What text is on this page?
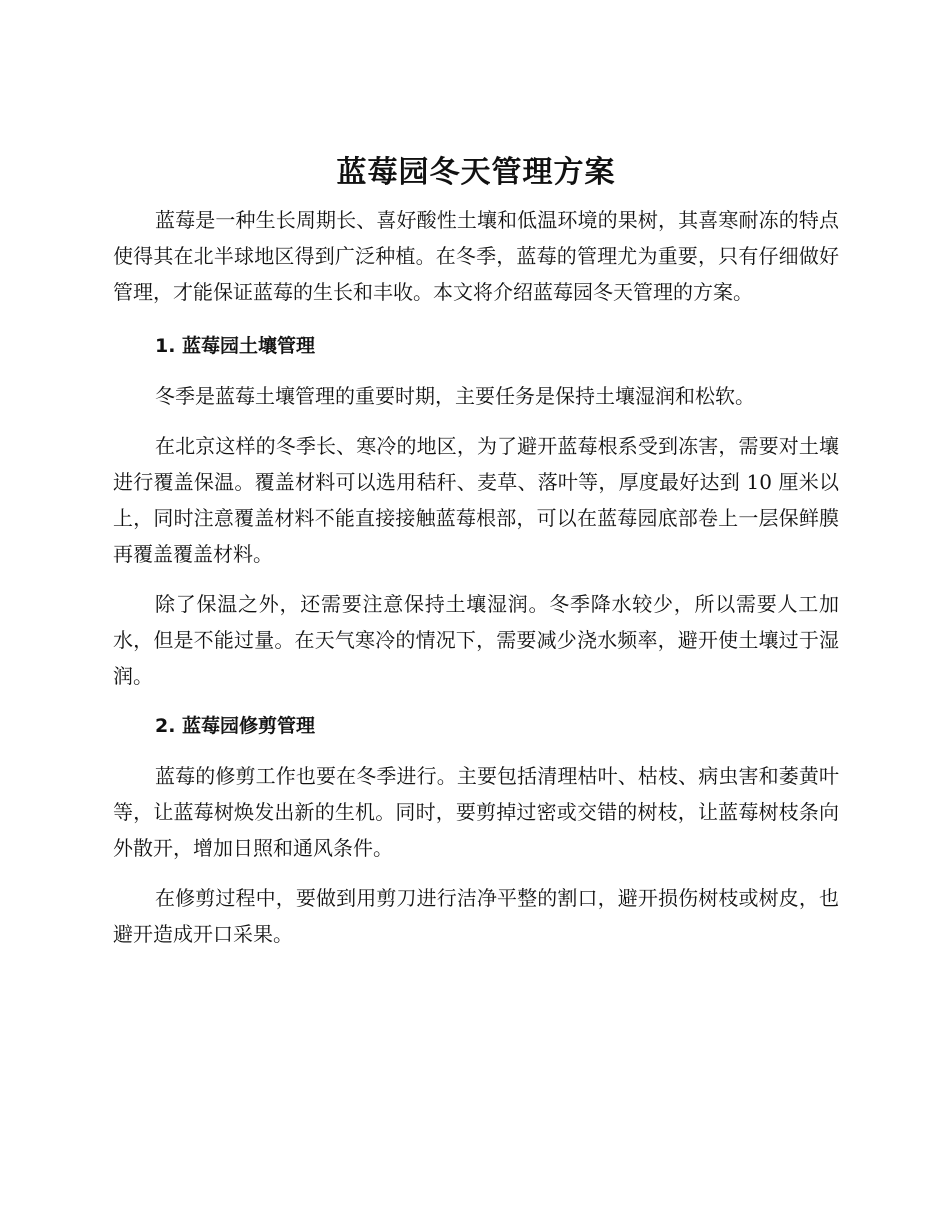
蓝莓园冬天管理方案

蓝莓是一种生长周期长、喜好酸性土壤和低温环境的果树，其喜寒耐冻的特点使得其在北半球地区得到广泛种植。在冬季，蓝莓的管理尤为重要，只有仔细做好管理，才能保证蓝莓的生长和丰收。本文将介绍蓝莓园冬天管理的方案。

1. 蓝莓园土壤管理

冬季是蓝莓土壤管理的重要时期，主要任务是保持土壤湿润和松软。

在北京这样的冬季长、寒冷的地区，为了避开蓝莓根系受到冻害，需要对土壤进行覆盖保温。覆盖材料可以选用秸秆、麦草、落叶等，厚度最好达到 10 厘米以上，同时注意覆盖材料不能直接接触蓝莓根部，可以在蓝莓园底部卷上一层保鲜膜再覆盖覆盖材料。

除了保温之外，还需要注意保持土壤湿润。冬季降水较少，所以需要人工加水，但是不能过量。在天气寒冷的情况下，需要减少浇水频率，避开使土壤过于湿润。

2. 蓝莓园修剪管理

蓝莓的修剪工作也要在冬季进行。主要包括清理枯叶、枯枝、病虫害和萎黄叶等，让蓝莓树焕发出新的生机。同时，要剪掉过密或交错的树枝，让蓝莓树枝条向外散开，增加日照和通风条件。

在修剪过程中，要做到用剪刀进行洁净平整的割口，避开损伤树枝或树皮，也避开造成开口采果。
